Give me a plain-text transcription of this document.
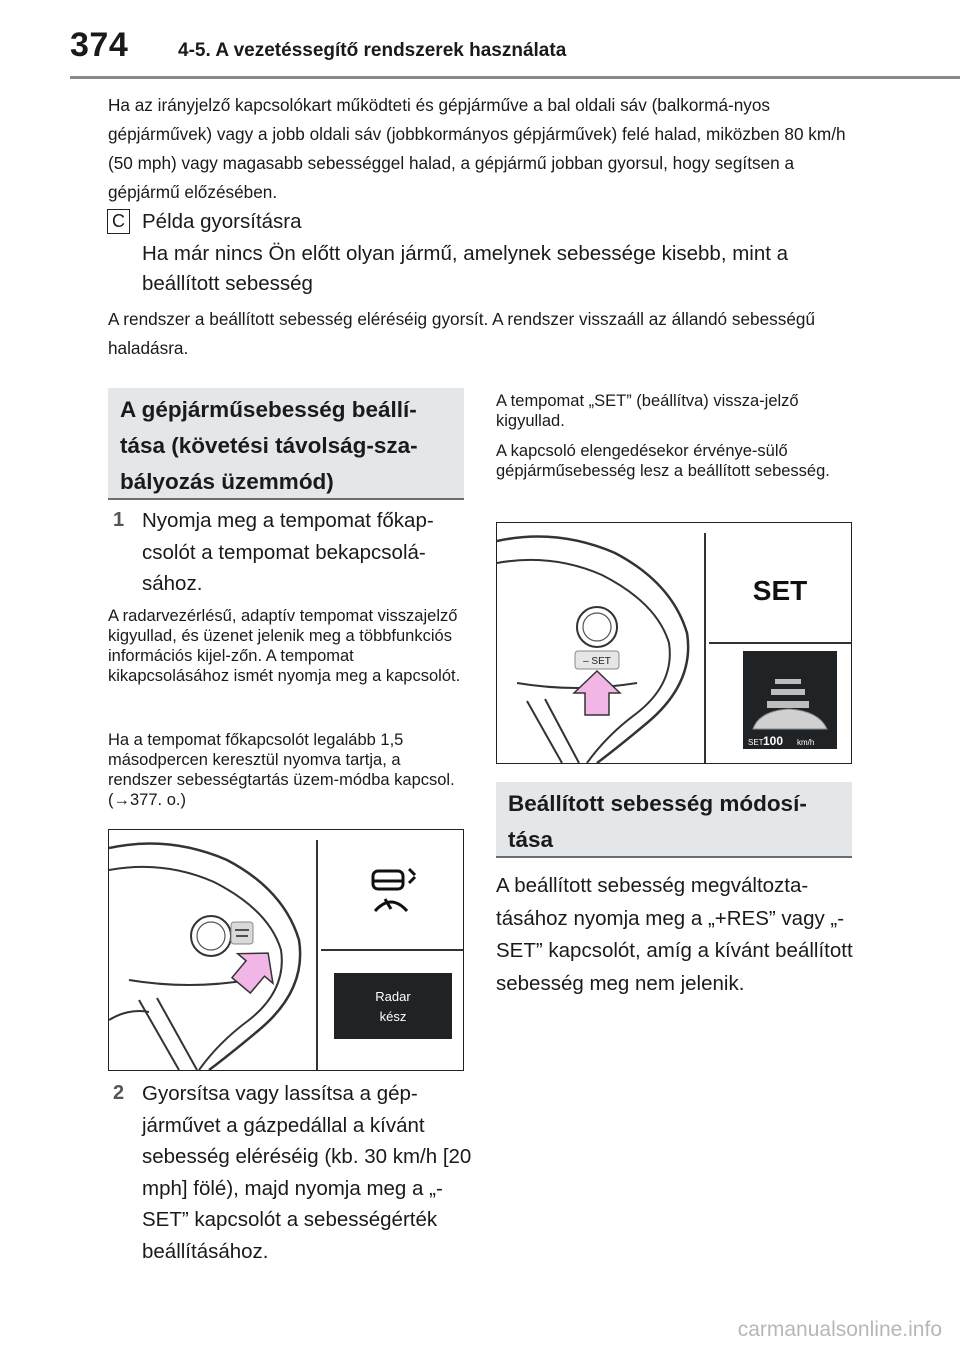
374	4-5. A vezetéssegítő rendszerek használata
Ha az irányjelző kapcsolókart működteti és gépjárműve a bal oldali sáv (balkormá-nyos gépjárművek) vagy a jobb oldali sáv (jobbkormányos gépjárművek) felé halad, miközben 80 km/h (50 mph) vagy magasabb sebességgel halad, a gépjármű jobban gyorsul, hogy segítsen a gépjármű előzésében.
C Példa gyorsításra
Ha már nincs Ön előtt olyan jármű, amelynek sebessége kisebb, mint a beállított sebesség
A rendszer a beállított sebesség eléréséig gyorsít. A rendszer visszaáll az állandó sebességű haladásra.
A gépjárműsebesség beállí-tása (követési távolság-sza-bályozás üzemmód)
1 Nyomja meg a tempomat főkap-csolót a tempomat bekapcsolá-sához.
A radarvezérlésű, adaptív tempomat visszajelző kigyullad, és üzenet jelenik meg a többfunkciós információs kijel-zőn. A tempomat kikapcsolásához ismét nyomja meg a kapcsolót.
Ha a tempomat főkapcsolót legalább 1,5 másodpercen keresztül nyomva tartja, a rendszer sebességtartás üzem-módba kapcsol. (→377. o.)
Radar
kész
2 Gyorsítsa vagy lassítsa a gép-járművet a gázpedállal a kívánt sebesség eléréséig (kb. 30 km/h [20 mph] fölé), majd nyomja meg a „-SET” kapcsolót a sebességérték beállításához.
A tempomat „SET” (beállítva) vissza-jelző kigyullad.
A kapcsoló elengedésekor érvénye-sülő gépjárműsebesség lesz a beállított sebesség.
– SET
SET
SET 100 km/h
Beállított sebesség módosí-tása
A beállított sebesség megváltozta-tásához nyomja meg a „+RES” vagy „-SET” kapcsolót, amíg a kívánt beállított sebesség meg nem jelenik.
carmanualsonline.info
